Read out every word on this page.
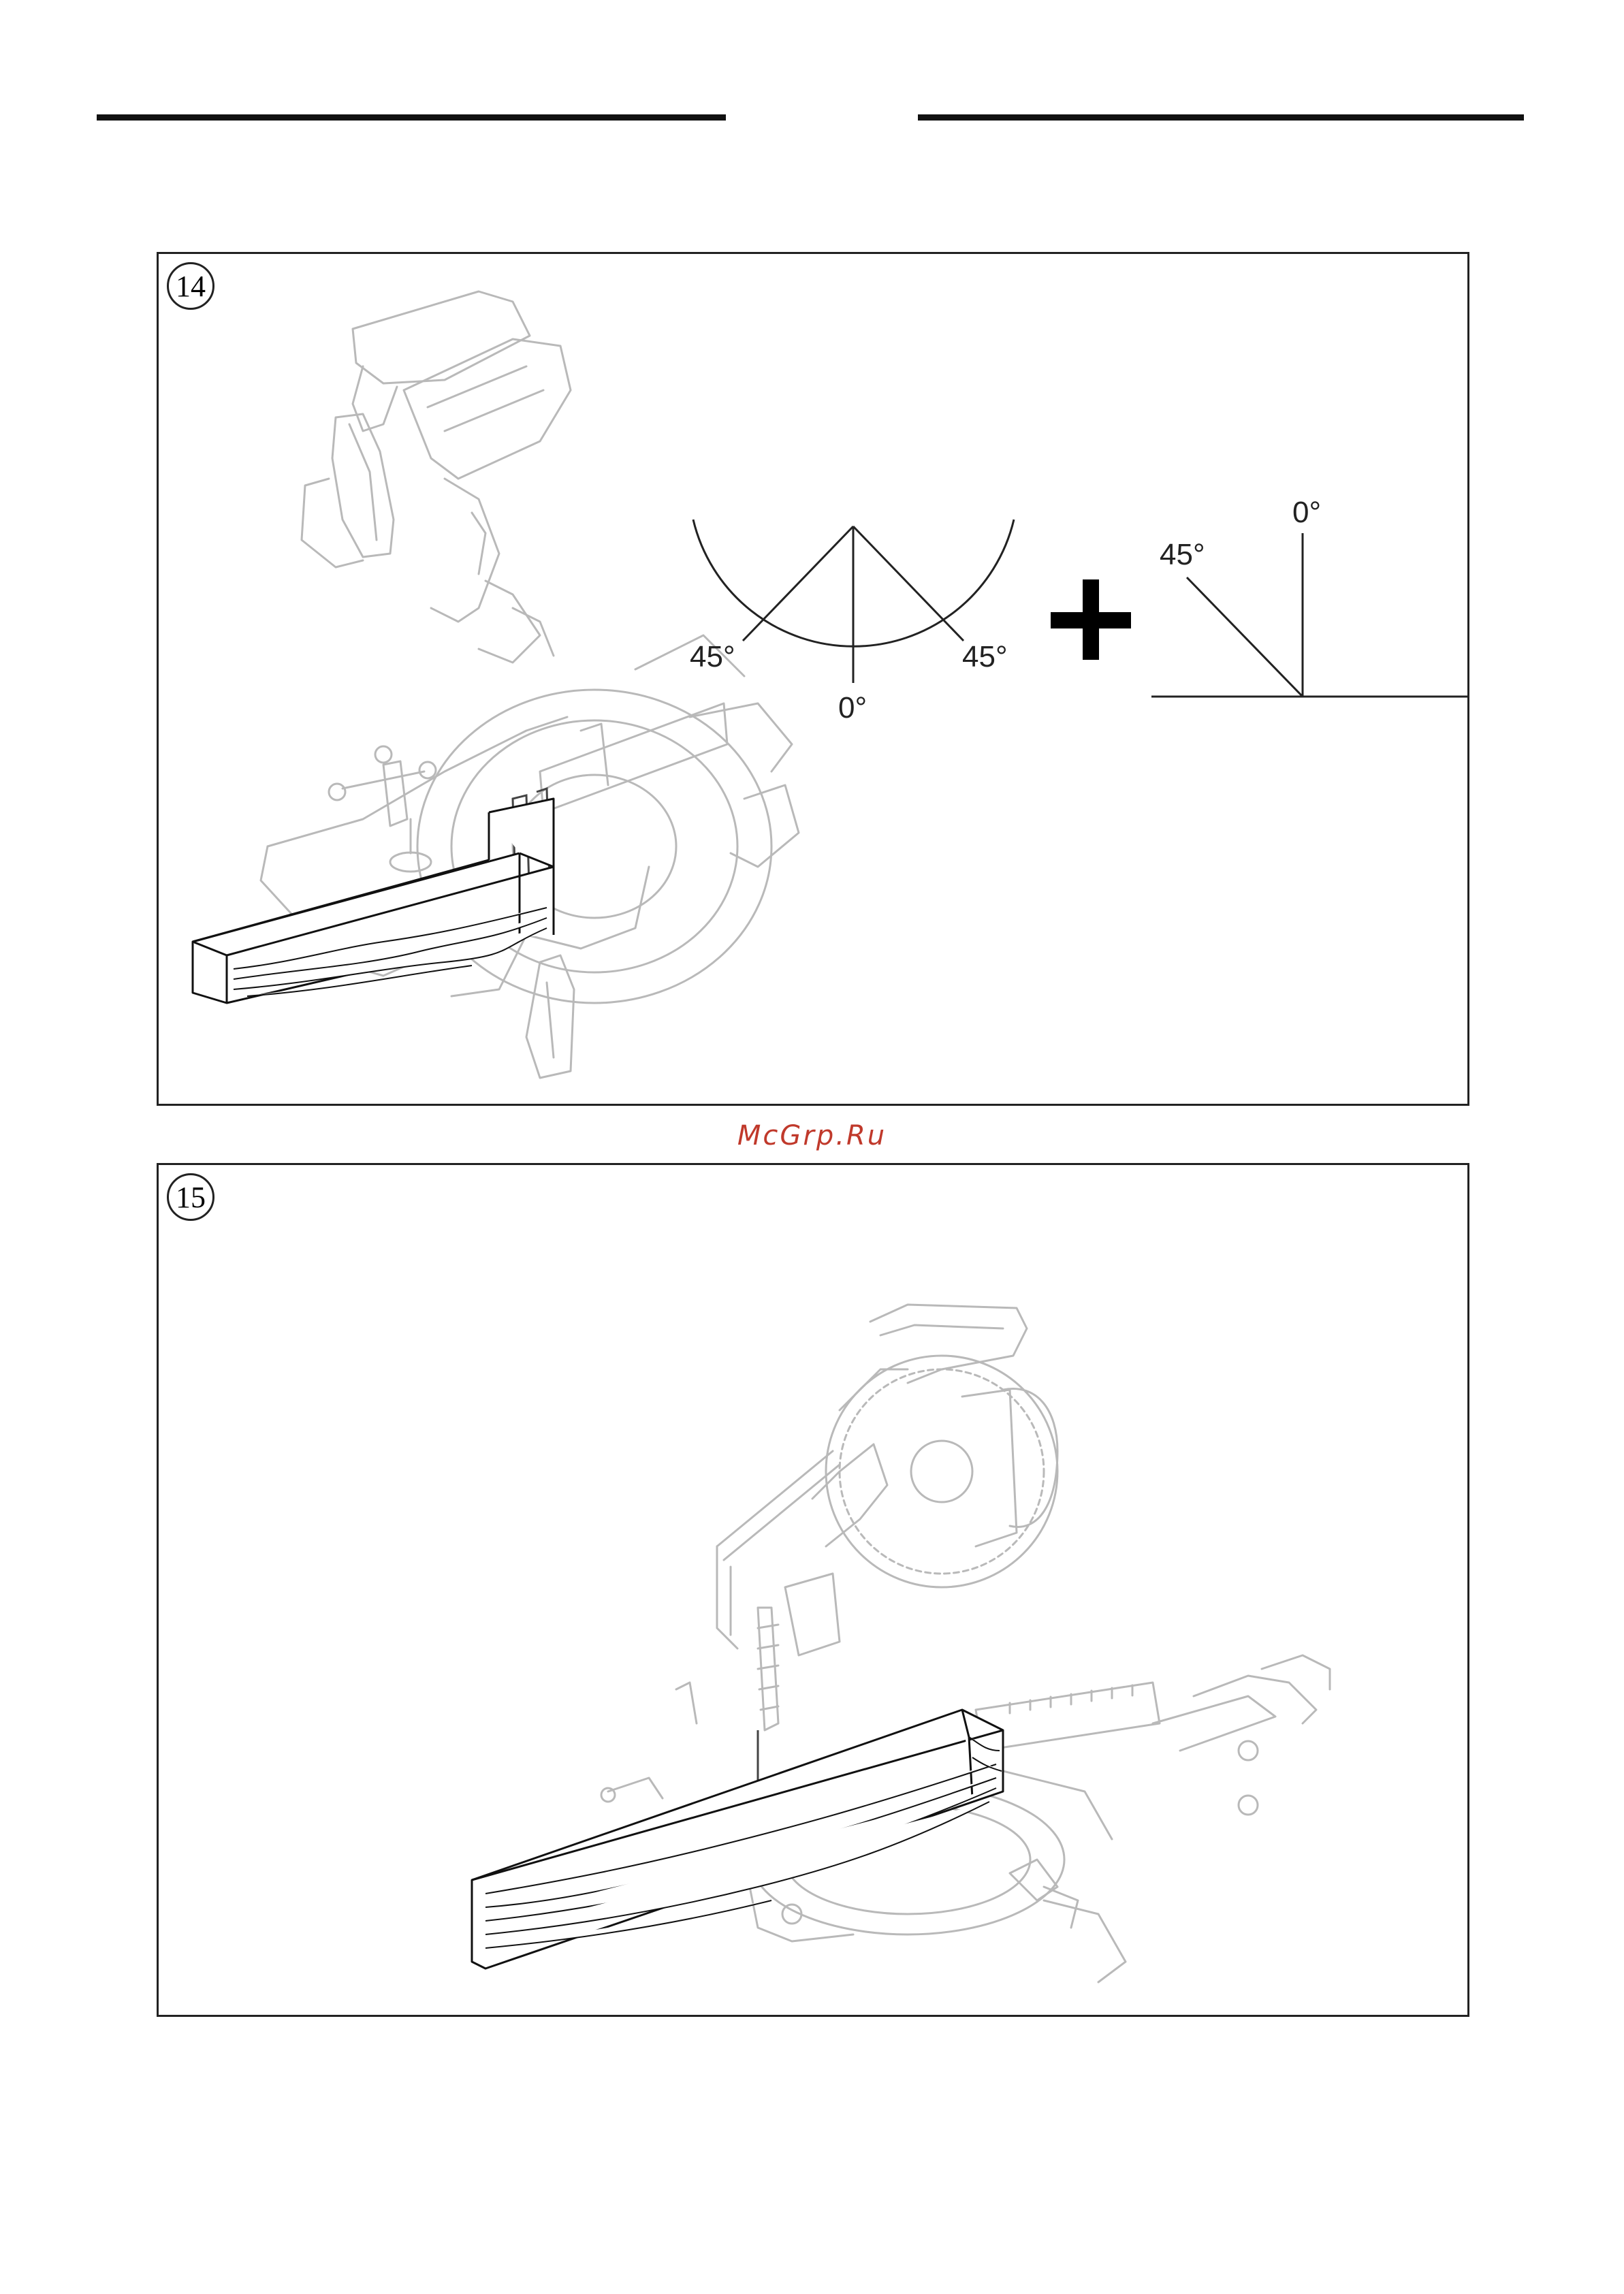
14
45°
0°
45°
0°
45°
McGrp.Ru
15
